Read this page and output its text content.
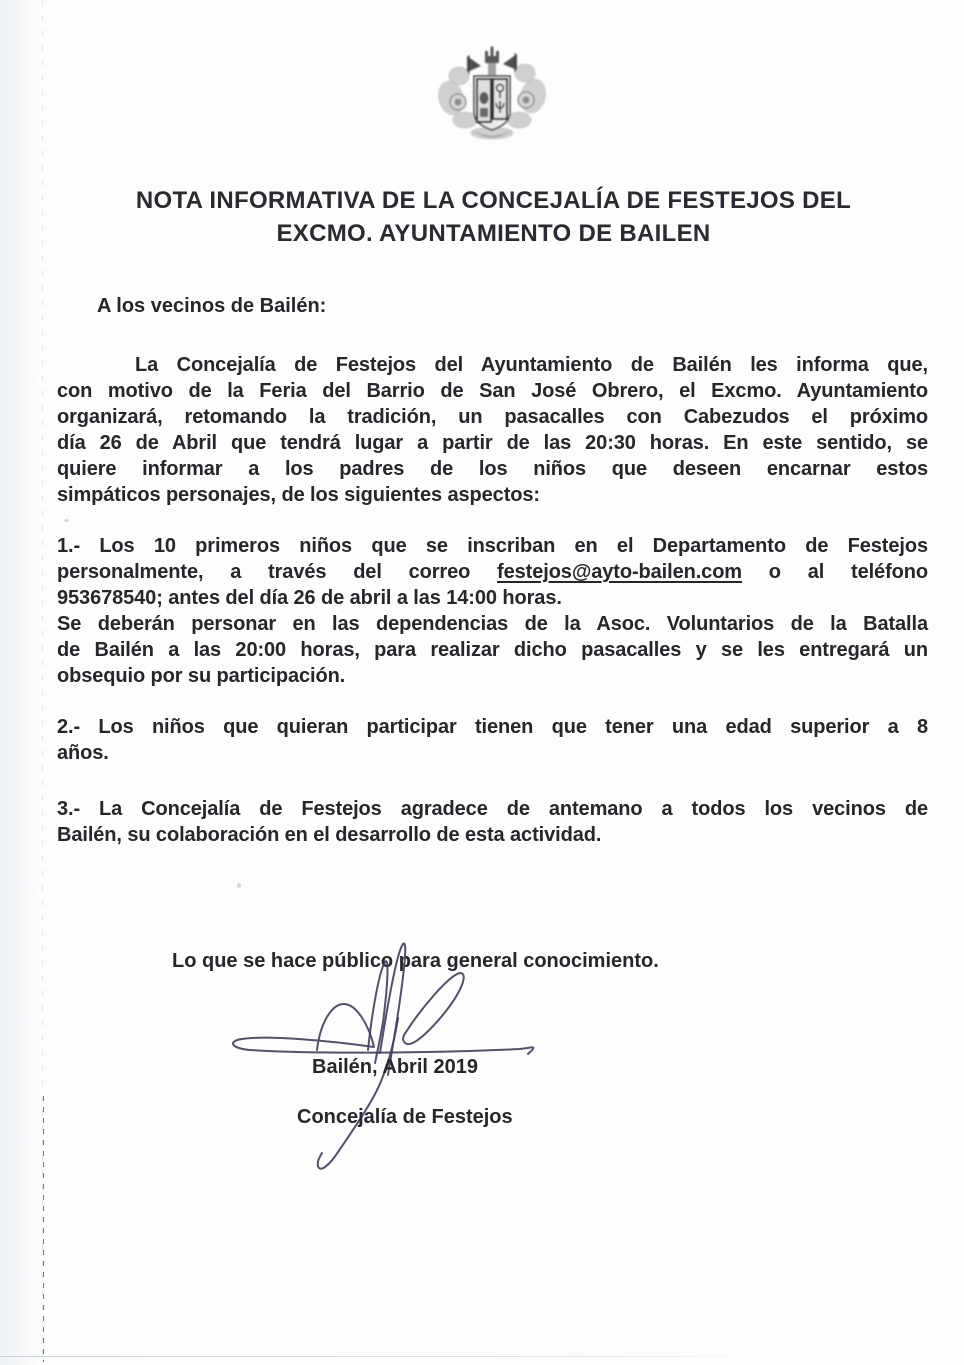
NOTA INFORMATIVA DE LA CONCEJALÍA DE FESTEJOS DEL
EXCMO. AYUNTAMIENTO DE BAILEN
A los vecinos de Bailén:
La Concejalía de Festejos del Ayuntamiento de Bailén les informa que,
con motivo de la Feria del Barrio de San José Obrero, el Excmo. Ayuntamiento
organizará, retomando la tradición, un pasacalles con Cabezudos el próximo
día 26 de Abril que tendrá lugar a partir de las 20:30 horas. En este sentido, se
quiere informar a los padres de los niños que deseen encarnar estos
simpáticos personajes, de los siguientes aspectos:
1.- Los 10 primeros niños que se inscriban en el Departamento de Festejos
personalmente, a través del correo festejos@ayto-bailen.com o al teléfono
953678540; antes del día 26 de abril a las 14:00 horas.
Se deberán personar en las dependencias de la Asoc. Voluntarios de la Batalla
de Bailén a las 20:00 horas, para realizar dicho pasacalles y se les entregará un
obsequio por su participación.
2.- Los niños que quieran participar tienen que tener una edad superior a 8
años.
3.- La Concejalía de Festejos agradece de antemano a todos los vecinos de
Bailén, su colaboración en el desarrollo de esta actividad.
Lo que se hace público para general conocimiento.
Bailén, Abril 2019
Concejalía de Festejos
